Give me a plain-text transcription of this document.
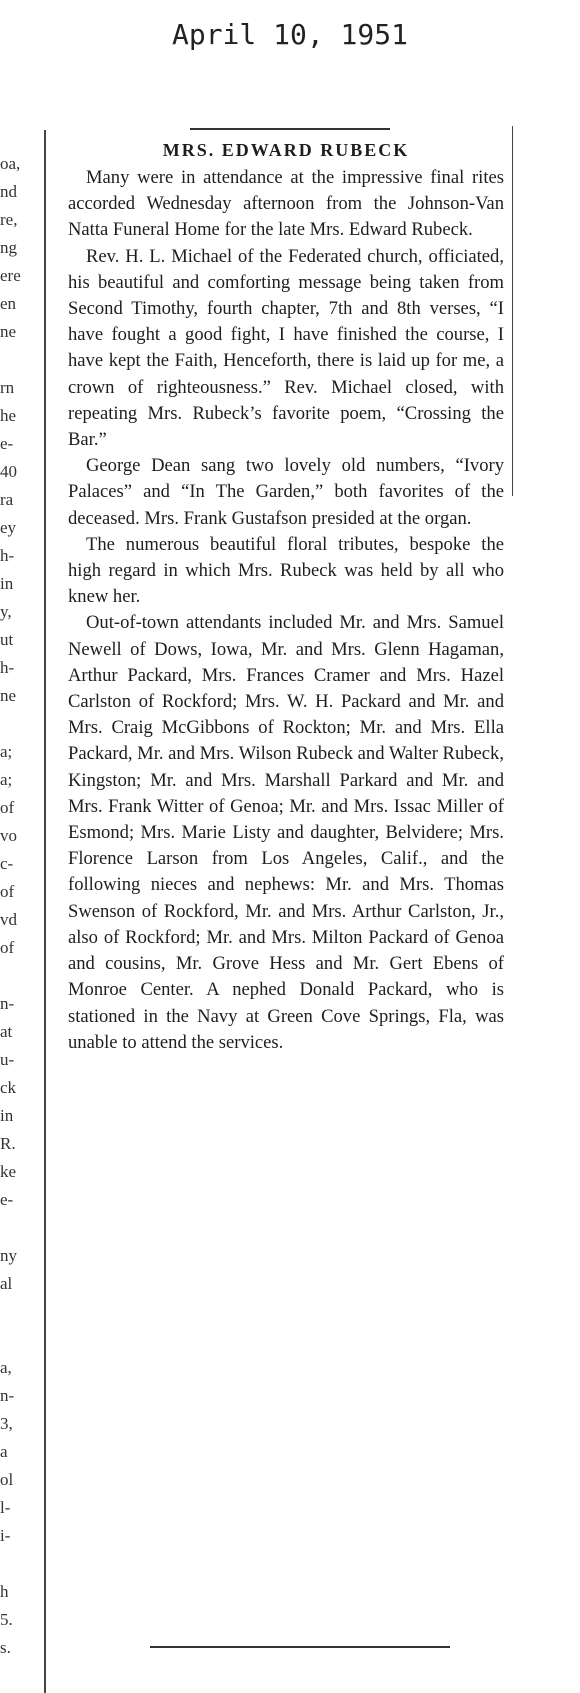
April 10, 1951
oa,
nd
re,
ng
ere
en
ne
rn
he
e-
40
ra
ey
h-
in
y,
ut
h-
ne
a;
a;
of
vo
c-
of
vd
of
n-
at
u-
ck
in
R.
ke
e-
ny
al
a,
n-
3,
a
ol
l-
i-
h
5.
s.
MRS. EDWARD RUBECK

Many were in attendance at the impressive final rites accorded Wednesday afternoon from the Johnson-Van Natta Funeral Home for the late Mrs. Edward Rubeck.

Rev. H. L. Michael of the Federated church, officiated, his beautiful and comforting message being taken from Second Timothy, fourth chapter, 7th and 8th verses, “I have fought a good fight, I have finished the course, I have kept the Faith, Henceforth, there is laid up for me, a crown of righteousness.” Rev. Michael closed, with repeating Mrs. Rubeck’s favorite poem, “Crossing the Bar.”

George Dean sang two lovely old numbers, “Ivory Palaces” and “In The Garden,” both favorites of the deceased. Mrs. Frank Gustafson presided at the organ.

The numerous beautiful floral tributes, bespoke the high regard in which Mrs. Rubeck was held by all who knew her.

Out-of-town attendants included Mr. and Mrs. Samuel Newell of Dows, Iowa, Mr. and Mrs. Glenn Hagaman, Arthur Packard, Mrs. Frances Cramer and Mrs. Hazel Carlston of Rockford; Mrs. W. H. Packard and Mr. and Mrs. Craig McGibbons of Rockton; Mr. and Mrs. Ella Packard, Mr. and Mrs. Wilson Rubeck and Walter Rubeck, Kingston; Mr. and Mrs. Marshall Parkard and Mr. and Mrs. Frank Witter of Genoa; Mr. and Mrs. Issac Miller of Esmond; Mrs. Marie Listy and daughter, Belvidere; Mrs. Florence Larson from Los Angeles, Calif., and the following nieces and nephews: Mr. and Mrs. Thomas Swenson of Rockford, Mr. and Mrs. Arthur Carlston, Jr., also of Rockford; Mr. and Mrs. Milton Packard of Genoa and cousins, Mr. Grove Hess and Mr. Gert Ebens of Monroe Center. A nephed Donald Packard, who is stationed in the Navy at Green Cove Springs, Fla, was unable to attend the services.
